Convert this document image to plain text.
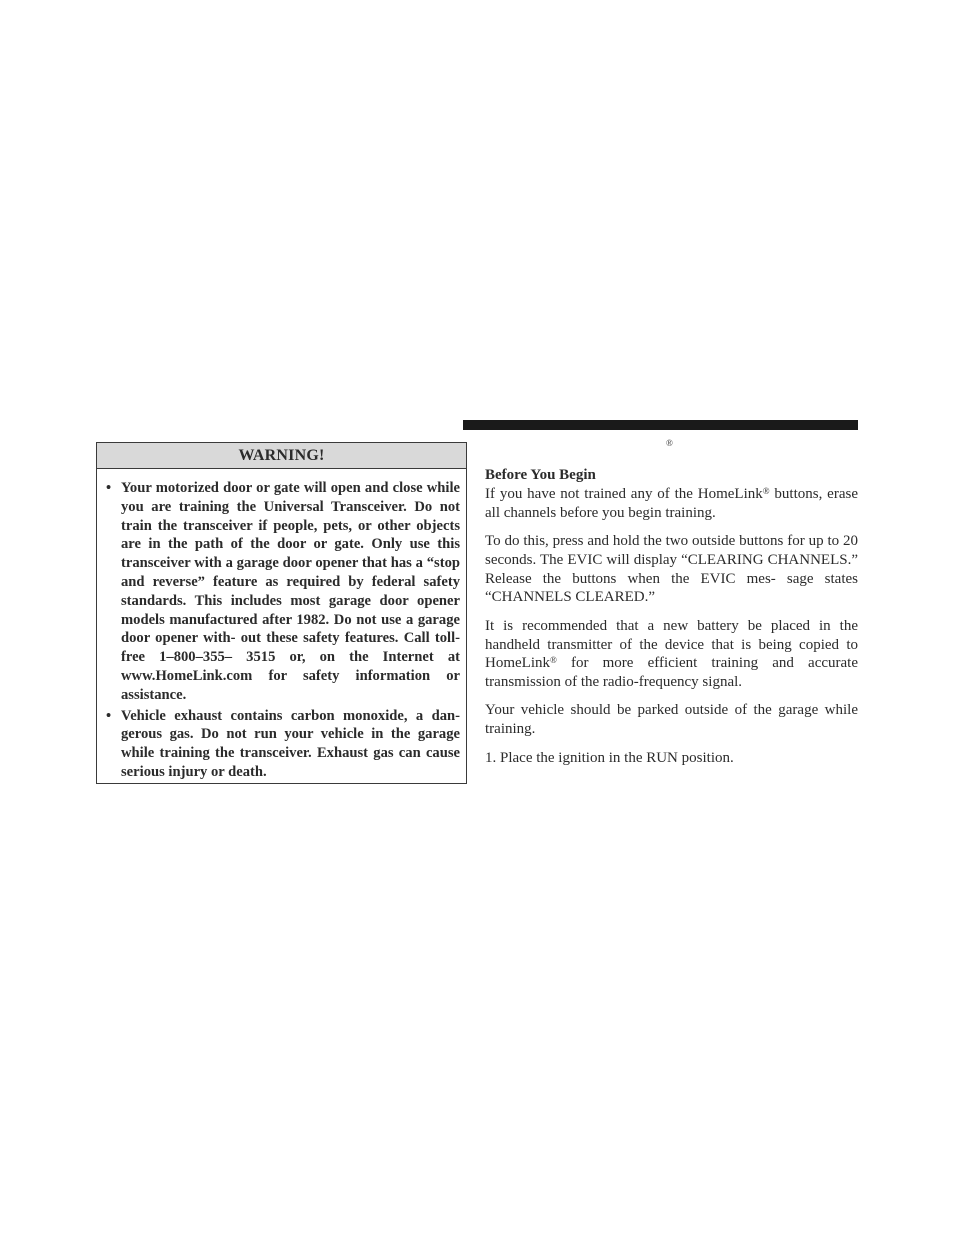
WARNING!
• Your motorized door or gate will open and close while you are training the Universal Transceiver. Do not train the transceiver if people, pets, or other objects are in the path of the door or gate. Only use this transceiver with a garage door opener that has a “stop and reverse” feature as required by federal safety standards. This includes most garage door opener models manufactured after 1982. Do not use a garage door opener with- out these safety features. Call toll-free 1–800–355– 3515 or, on the Internet at www.HomeLink.com for safety information or assistance.
• Vehicle exhaust contains carbon monoxide, a dan- gerous gas. Do not run your vehicle in the garage while training the transceiver. Exhaust gas can cause serious injury or death.
®
Before You Begin

If you have not trained any of the HomeLink® buttons, erase all channels before you begin training.

To do this, press and hold the two outside buttons for up to 20 seconds. The EVIC will display “CLEARING CHANNELS.” Release the buttons when the EVIC mes- sage states “CHANNELS CLEARED.”

It is recommended that a new battery be placed in the handheld transmitter of the device that is being copied to HomeLink® for more efficient training and accurate transmission of the radio-frequency signal.

Your vehicle should be parked outside of the garage while training.

1. Place the ignition in the RUN position.
